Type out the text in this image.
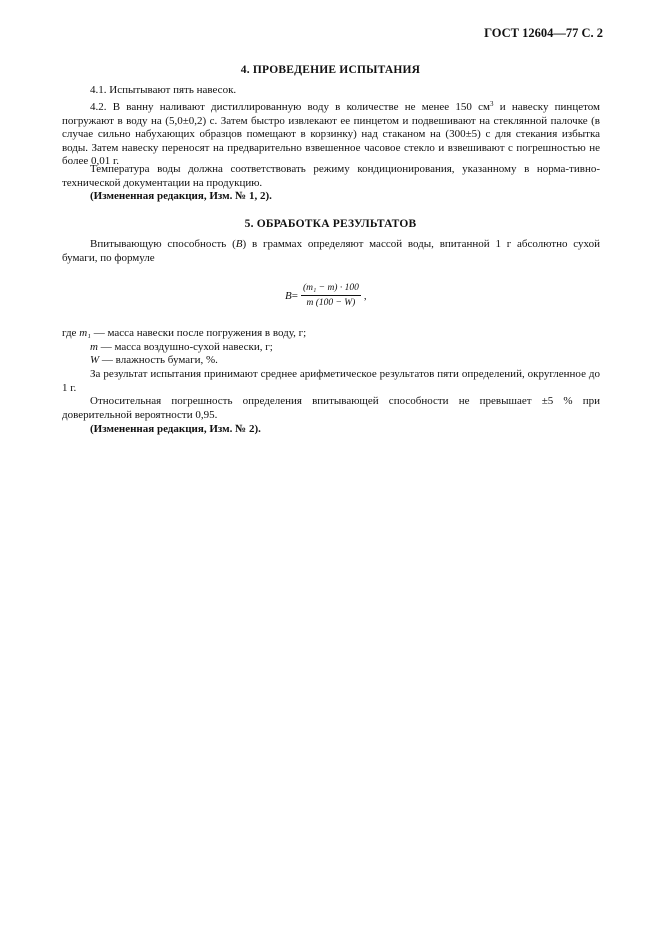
ГОСТ 12604—77 С. 2
4. ПРОВЕДЕНИЕ ИСПЫТАНИЯ
4.1. Испытывают пять навесок.
4.2. В ванну наливают дистиллированную воду в количестве не менее 150 $см^3$ и навеску пинцетом погружают в воду на (5,0±0,2) с. Затем быстро извлекают ее пинцетом и подвешивают на стеклянной палочке (в случае сильно набухающих образцов помещают в корзинку) над стаканом на (300±5) с для стекания избытка воды. Затем навеску переносят на предварительно взвешенное часовое стекло и взвешивают с погрешностью не более 0,01 г.
Температура воды должна соответствовать режиму кондиционирования, указанному в норма-тивно-технической документации на продукцию.
(Измененная редакция, Изм. № 1, 2).
5. ОБРАБОТКА РЕЗУЛЬТАТОВ
Впитывающую способность (B) в граммах определяют массой воды, впитанной 1 г абсолютно сухой бумаги, по формуле
$B = \frac{\text{(m₁ − m) · 100}}{m (100 - W)}$ ,
где m₁ — масса навески после погружения в воду, г;
m — масса воздушно-сухой навески, г;
W — влажность бумаги, %.
За результат испытания принимают среднее арифметическое результатов пяти определений, округленное до 1 г.
Относительная погрешность определения впитывающей способности не превышает ±5 % при доверительной вероятности 0,95.
(Измененная редакция, Изм. № 2).
